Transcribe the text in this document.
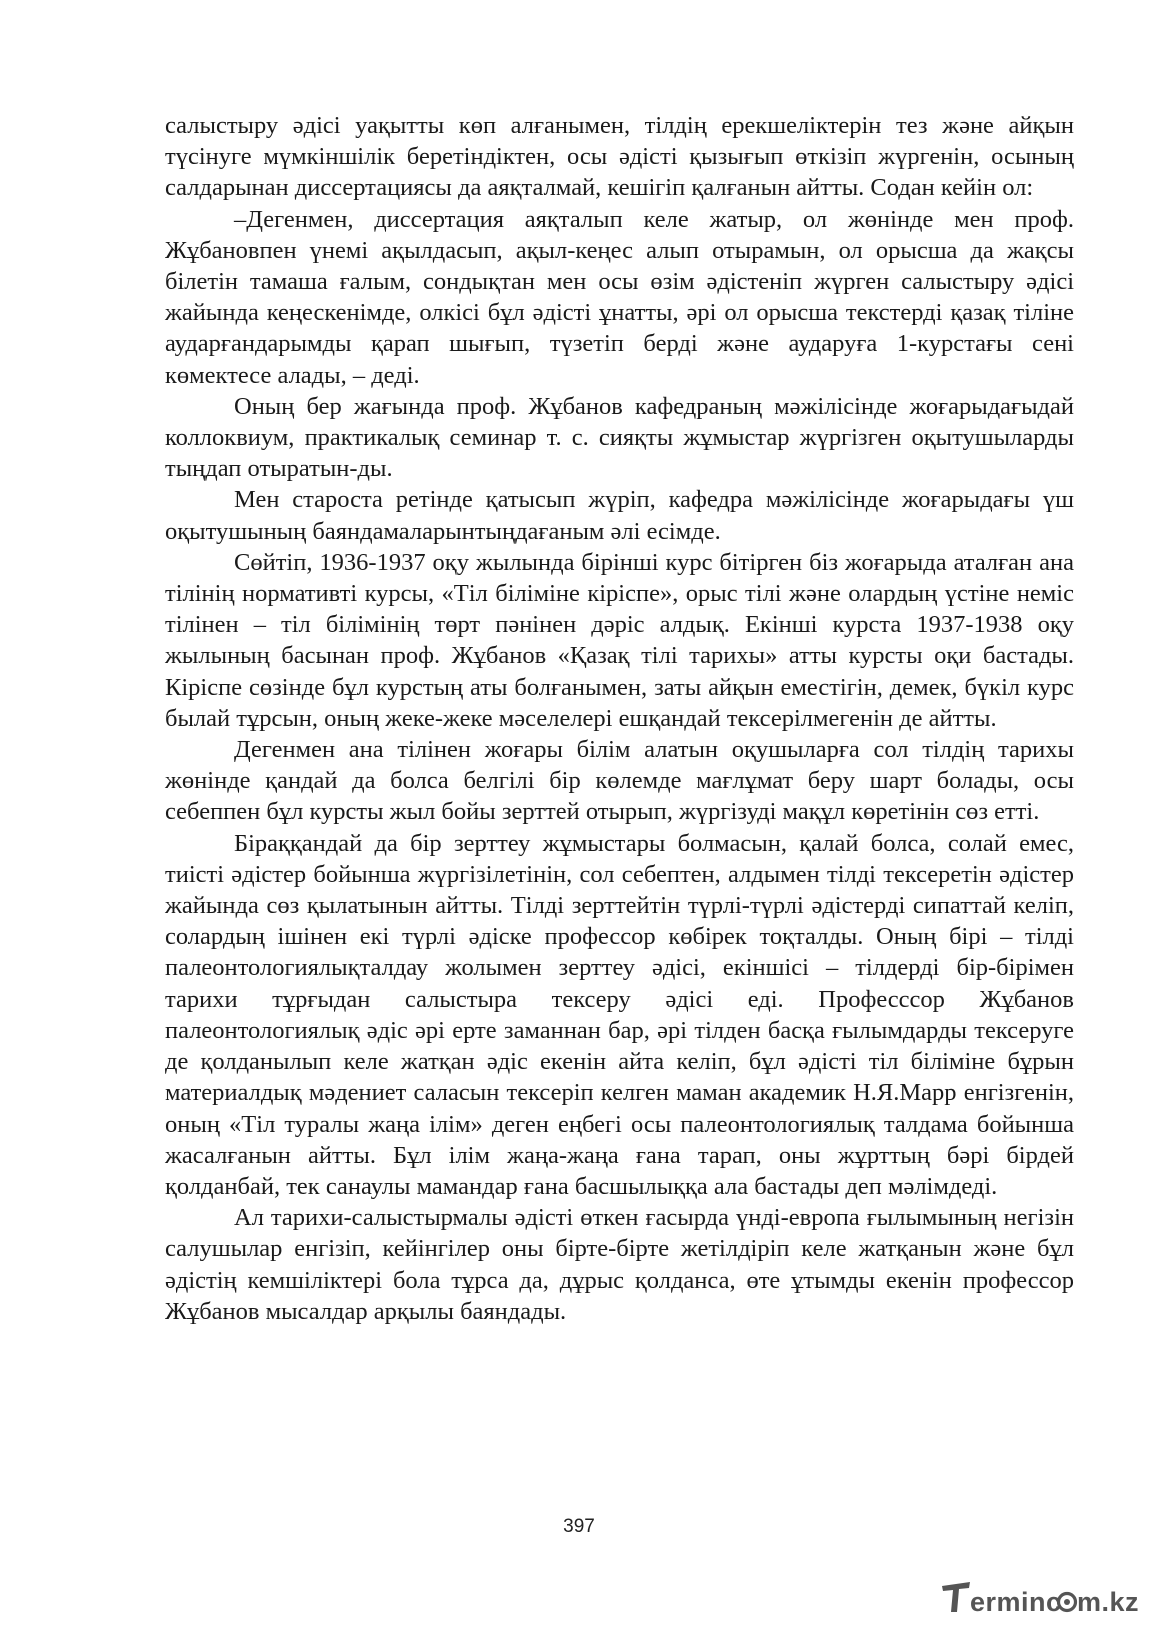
салыстыру әдісі уақытты көп алғанымен, тілдің ерекшеліктерін тез және айқын түсінуге мүмкіншілік беретіндіктен, осы әдісті қызығып өткізіп жүргенін, осының салдарынан диссертациясы да аяқталмай, кешігіп қалғанын айтты. Содан кейін ол:

–Дегенмен, диссертация аяқталып келе жатыр, ол жөнінде мен проф. Жұбановпен үнемі ақылдасып, ақыл-кеңес алып отырамын, ол орысша да жақсы білетін тамаша ғалым, сондықтан мен осы өзім әдістеніп жүрген салыстыру әдісі жайында кеңескенімде, олкісі бұл әдісті ұнатты, әрі ол орысша текстерді қазақ тіліне аударғандарымды қарап шығып, түзетіп берді және аударуға 1-курстағы сені көмектесе алады, – деді.

Оның бер жағында проф. Жұбанов кафедраның мәжілісінде жоғарыдағыдай коллоквиум, практикалық семинар т. с. сияқты жұмыстар жүргізген оқытушыларды тыңдап отыратын-ды.

Мен староста ретінде қатысып жүріп, кафедра мәжілісінде жоғарыдағы үш оқытушының баяндамаларынтыңдағаным әлі есімде.

Сөйтіп, 1936-1937 оқу жылында бірінші курс бітірген біз жоғарыда аталған ана тілінің нормативті курсы, «Тіл біліміне кіріспе», орыс тілі және олардың үстіне неміс тілінен – тіл білімінің төрт пәнінен дәріс алдық. Екінші курста 1937-1938 оқу жылының басынан проф. Жұбанов «Қазақ тілі тарихы» атты курсты оқи бастады. Кіріспе сөзінде бұл курстың аты болғанымен, заты айқын еместігін, демек, бүкіл курс былай тұрсын, оның жеке-жеке мәселелері ешқандай тексерілмегенін де айтты.

Дегенмен ана тілінен жоғары білім алатын оқушыларға сол тілдің тарихы жөнінде қандай да болса белгілі бір көлемде мағлұмат беру шарт болады, осы себеппен бұл курсты жыл бойы зерттей отырып, жүргізуді мақұл көретінін сөз етті.

Біраққандай да бір зерттеу жұмыстары болмасын, қалай болса, солай емес, тиісті әдістер бойынша жүргізілетінін, сол себептен, алдымен тілді тексеретін әдістер жайында сөз қылатынын айтты. Тілді зерттейтін түрлі-түрлі әдістерді сипаттай келіп, солардың ішінен екі түрлі әдіске профессор көбірек тоқталды. Оның бірі – тілді палеонтологиялықталдау жолымен зерттеу әдісі, екіншісі – тілдерді бір-бірімен тарихи тұрғыдан салыстыра тексеру әдісі еді. Професссор Жұбанов палеонтологиялық әдіс әрі ерте заманнан бар, әрі тілден басқа ғылымдарды тексеруге де қолданылып келе жатқан әдіс екенін айта келіп, бұл әдісті тіл біліміне бұрын материалдық мәдениет саласын тексеріп келген маман академик Н.Я.Марр енгізгенін, оның «Тіл туралы жаңа ілім» деген еңбегі осы палеонтологиялық талдама бойынша жасалғанын айтты. Бұл ілім жаңа-жаңа ғана тарап, оны жұрттың бәрі бірдей қолданбай, тек санаулы мамандар ғана басшылыққа ала бастады деп мәлімдеді.

Ал тарихи-салыстырмалы әдісті өткен ғасырда үнді-европа ғылымының негізін салушылар енгізіп, кейінгілер оны бірте-бірте жетілдіріп келе жатқанын және бұл әдістің кемшіліктері бола тұрса да, дұрыс қолданса, өте ұтымды екенін профессор Жұбанов мысалдар арқылы баяндады.

397
erminc m.kz
